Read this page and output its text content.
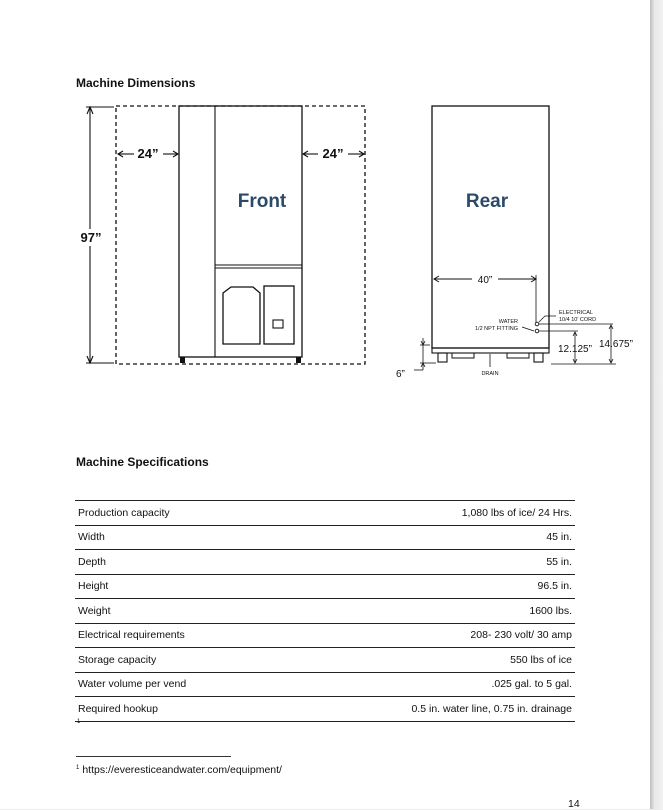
Machine Dimensions
97”
24”	24”
Front	Rear
40”
ELECTRICAL
10/4 10' CORD
WATER
1/2 NPT FITTING
12.125” 14.675”
6”	DRAIN
Machine Specifications
Production capacity	1,080 lbs of ice/ 24 Hrs.
Width	45 in.
Depth	55 in.
Height	96.5 in.
Weight	1600 lbs.
Electrical requirements	208- 230 volt/ 30 amp
Storage capacity	550 lbs of ice
Water volume per vend	.025 gal. to 5 gal.
Required hookup	0.5 in. water line, 0.75 in. drainage
1
$^1$ https://everesticeandwater.com/equipment/
14
